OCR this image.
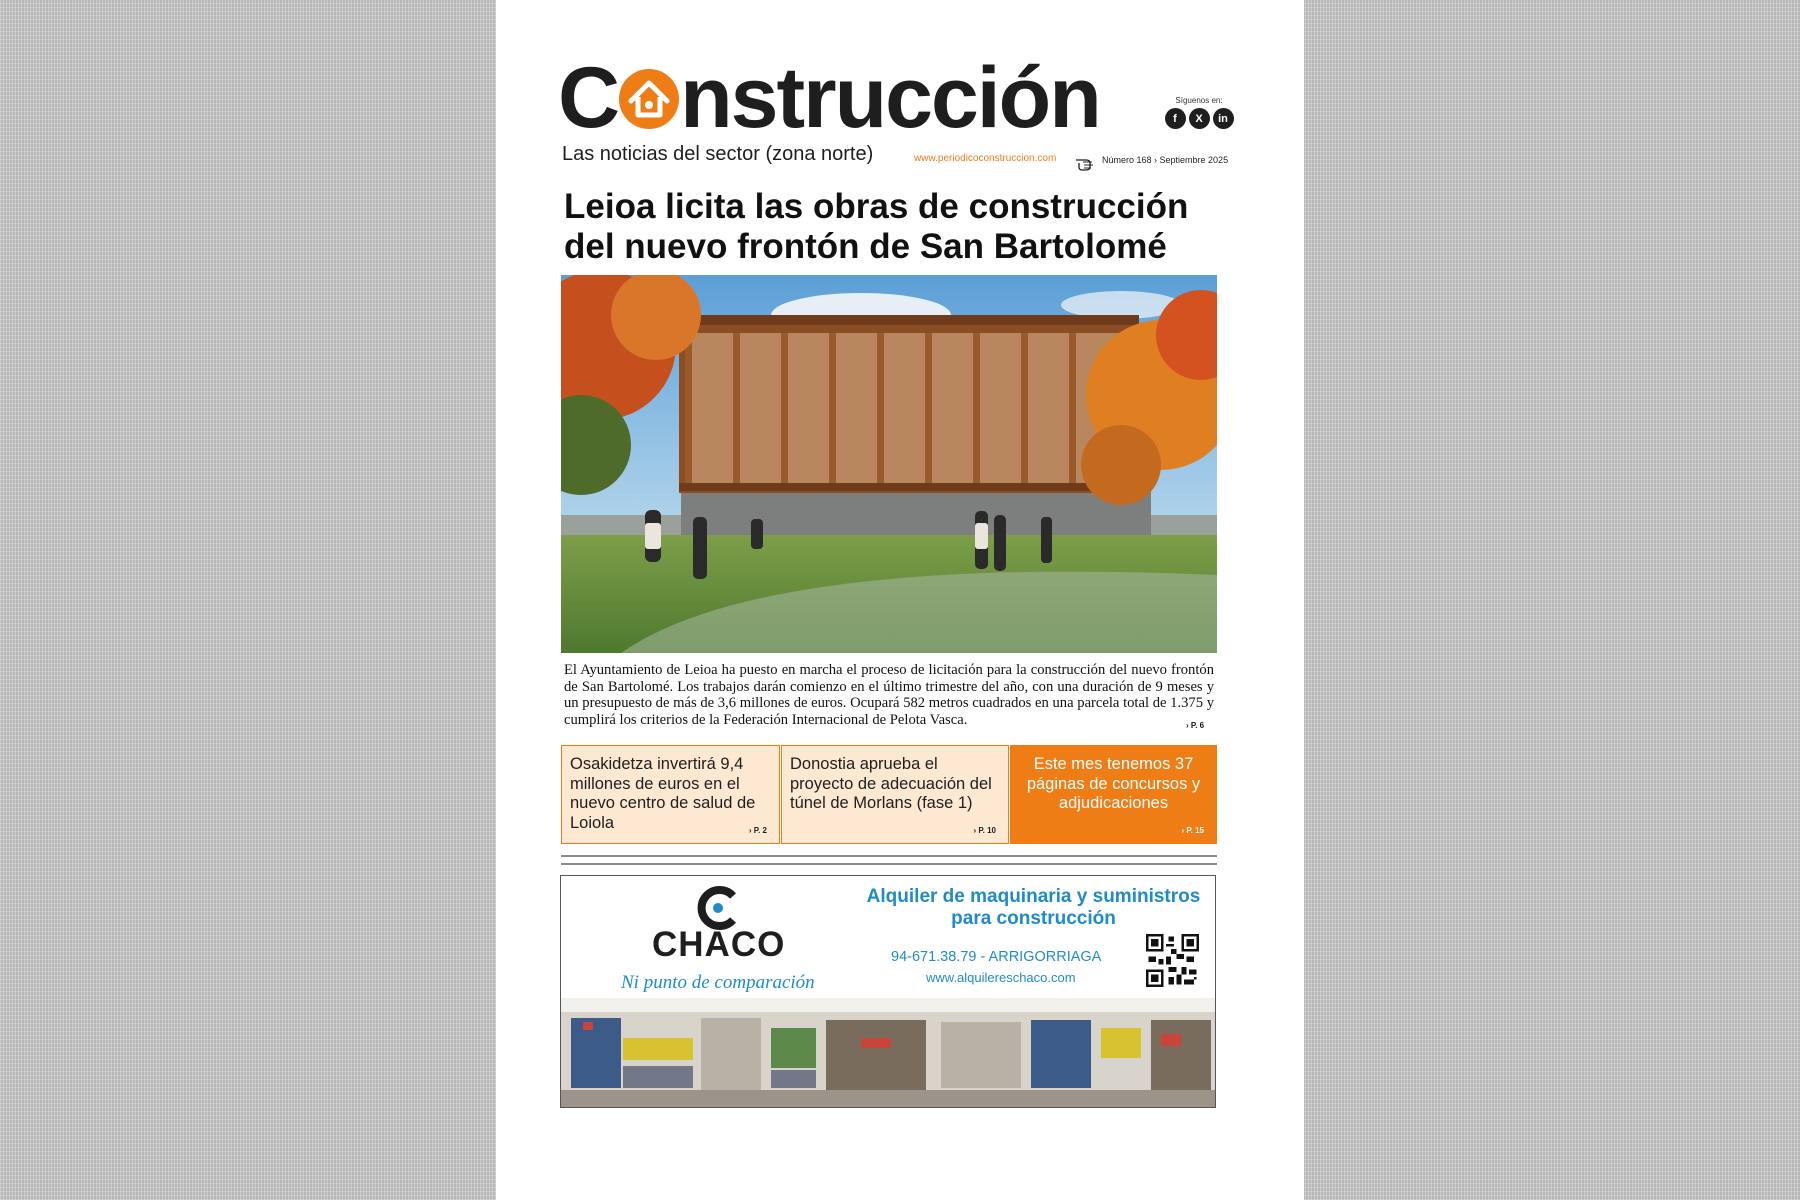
C nstrucción
Las noticias del sector (zona norte)
Síguenos en:
f	X	in
www.periodicoconstruccion.com	Número 168 › Septiembre 2025
Leioa licita las obras de construcción del nuevo frontón de San Bartolomé

El Ayuntamiento de Leioa ha puesto en marcha el proceso de licitación para la construcción del nuevo frontón de San Bartolomé. Los trabajos darán comienzo en el último trimestre del año, con una duración de 9 meses y un presupuesto de más de 3,6 millones de euros. Ocupará 582 metros cuadrados en una parcela total de 1.375 y cumplirá los criterios de la Federación Internacional de Pelota Vasca.	› P. 6
Osakidetza invertirá 9,4 millones de euros en el nuevo centro de salud de Loiola	› P. 2
Donostia aprueba el proyecto de adecuación del túnel de Morlans (fase 1)
› P. 10
Este mes tenemos 37 páginas de concursos y adjudicaciones
› P. 15
CHACO
Ni punto de comparación
Alquiler de maquinaria y suministros para construcción
94-671.38.79 - ARRIGORRIAGA
www.alquilereschaco.com
